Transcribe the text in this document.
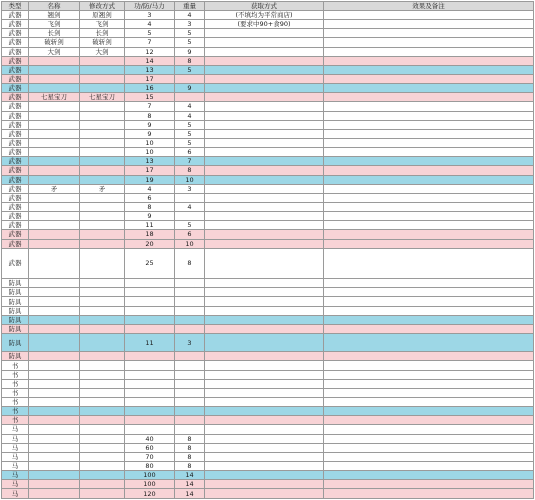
类型	名称	修改方式	功/防/马力	重量	获取方式	效果及备注
武器	翘剑	原翘剑	3	4	(不填均为平常商店)	
武器	飞剑	飞剑	4	3	(要求中90+食90)	
武器	长剑	长剑	5	5		
武器	破斩剑	破斩剑	7	5		
武器	大剑	大剑	12	9		
武器			14	8		
武器			13	5		
武器			17			
武器			16	9		
武器	七星宝刀	七星宝刀	15			
武器			7	4		
武器			8	4		
武器			9	5		
武器			9	5		
武器			10	5		
武器			10	6		
武器			13	7		
武器			17	8		
武器			19	10		
武器	矛	矛	4	3		
武器			6			
武器			8	4		
武器			9			
武器			11	5		
武器			18	6		
武器			20	10		
武器			25	8		
防具						
防具						
防具						
防具						
防具						
防具						
防具			11	3		
防具						
书						
书						
书						
书						
书						
书						
书						
马						
马			40	8		
马			60	8		
马			70	8		
马			80	8		
马			100	14		
马			100	14		
马			120	14		
